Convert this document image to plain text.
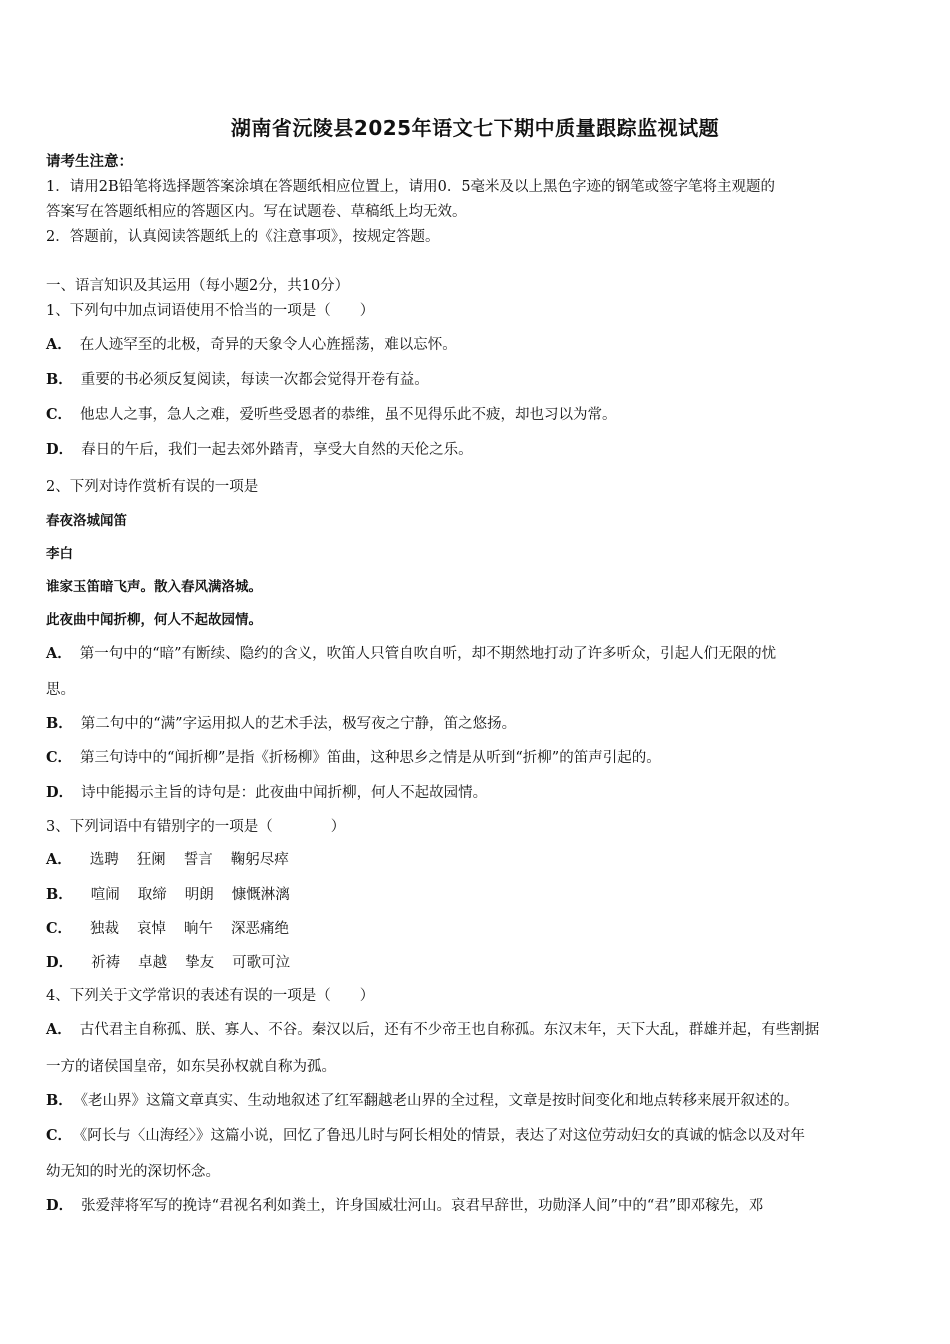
湖南省沅陵县2025年语文七下期中质量跟踪监视试题
请考生注意：
1．请用2B铅笔将选择题答案涂填在答题纸相应位置上，请用0．5毫米及以上黑色字迹的钢笔或签字笔将主观题的
答案写在答题纸相应的答题区内。写在试题卷、草稿纸上均无效。
2．答题前，认真阅读答题纸上的《注意事项》，按规定答题。
一、语言知识及其运用（每小题2分，共10分）
1、下列句中加点词语使用不恰当的一项是（　　）
A． 在人迹罕至的北极，奇异的天象令人心旌摇荡，难以忘怀。
B． 重要的书必须反复阅读，每读一次都会觉得开卷有益。
C． 他忠人之事，急人之难，爱听些受恩者的恭维，虽不见得乐此不疲，却也习以为常。
D． 春日的午后，我们一起去郊外踏青，享受大自然的天伦之乐。
2、下列对诗作赏析有误的一项是
春夜洛城闻笛
李白
谁家玉笛暗飞声。散入春风满洛城。
此夜曲中闻折柳，何人不起故园情。
A． 第一句中的“暗”有断续、隐约的含义，吹笛人只管自吹自听，却不期然地打动了许多听众，引起人们无限的忧
思。
B． 第二句中的“满”字运用拟人的艺术手法，极写夜之宁静，笛之悠扬。
C． 第三句诗中的“闻折柳”是指《折杨柳》笛曲，这种思乡之情是从听到“折柳”的笛声引起的。
D． 诗中能揭示主旨的诗句是：此夜曲中闻折柳，何人不起故园情。
3、下列词语中有错别字的一项是（　　　　）
A． 选聘 狂阑 誓言 鞠躬尽瘁
B． 喧闹 取缔 明朗 慷慨淋漓
C． 独裁 哀悼 晌午 深恶痛绝
D． 祈祷 卓越 挚友 可歌可泣
4、下列关于文学常识的表述有误的一项是（　　）
A． 古代君主自称孤、朕、寡人、不谷。秦汉以后，还有不少帝王也自称孤。东汉末年，天下大乱，群雄并起，有些割据
一方的诸侯国皇帝，如东吴孙权就自称为孤。
B． 《老山界》这篇文章真实、生动地叙述了红军翻越老山界的全过程，文章是按时间变化和地点转移来展开叙述的。
C． 《阿长与〈山海经〉》这篇小说，回忆了鲁迅儿时与阿长相处的情景，表达了对这位劳动妇女的真诚的惦念以及对年
幼无知的时光的深切怀念。
D． 张爱萍将军写的挽诗“君视名利如粪土，许身国威壮河山。哀君早辞世，功勋泽人间”中的“君”即邓稼先，邓
